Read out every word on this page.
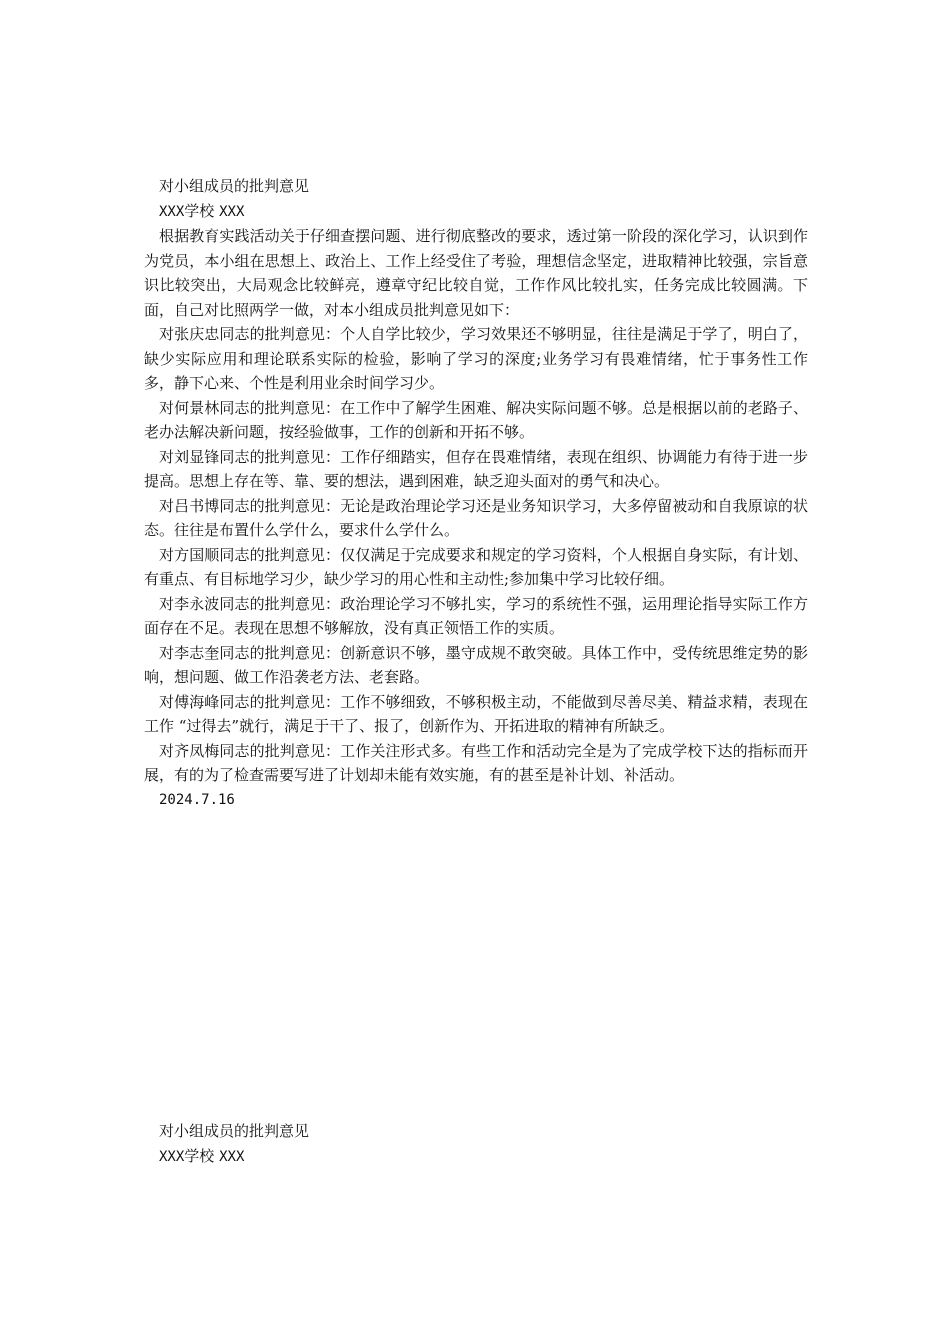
对小组成员的批判意见

XXX学校 XXX

根据教育实践活动关于仔细查摆问题、进行彻底整改的要求，透过第一阶段的深化学习，认识到作为党员，本小组在思想上、政治上、工作上经受住了考验，理想信念坚定，进取精神比较强，宗旨意识比较突出，大局观念比较鲜亮，遵章守纪比较自觉，工作作风比较扎实，任务完成比较圆满。下面，自己对比照两学一做，对本小组成员批判意见如下：

对张庆忠同志的批判意见：个人自学比较少，学习效果还不够明显，往往是满足于学了，明白了，缺少实际应用和理论联系实际的检验，影响了学习的深度;业务学习有畏难情绪，忙于事务性工作多，静下心来、个性是利用业余时间学习少。

对何景林同志的批判意见：在工作中了解学生困难、解决实际问题不够。总是根据以前的老路子、老办法解决新问题，按经验做事，工作的创新和开拓不够。

对刘显锋同志的批判意见：工作仔细踏实，但存在畏难情绪，表现在组织、协调能力有待于进一步提高。思想上存在等、靠、要的想法，遇到困难，缺乏迎头面对的勇气和决心。

对吕书博同志的批判意见：无论是政治理论学习还是业务知识学习，大多停留被动和自我原谅的状态。往往是布置什么学什么，要求什么学什么。

对方国顺同志的批判意见：仅仅满足于完成要求和规定的学习资料，个人根据自身实际，有计划、有重点、有目标地学习少，缺少学习的用心性和主动性;参加集中学习比较仔细。

对李永波同志的批判意见：政治理论学习不够扎实，学习的系统性不强，运用理论指导实际工作方面存在不足。表现在思想不够解放，没有真正领悟工作的实质。

对李志奎同志的批判意见：创新意识不够，墨守成规不敢突破。具体工作中，受传统思维定势的影响，想问题、做工作沿袭老方法、老套路。

对傅海峰同志的批判意见：工作不够细致，不够积极主动，不能做到尽善尽美、精益求精，表现在工作 “过得去”就行，满足于干了、报了，创新作为、开拓进取的精神有所缺乏。

对齐凤梅同志的批判意见：工作关注形式多。有些工作和活动完全是为了完成学校下达的指标而开展，有的为了检查需要写进了计划却未能有效实施，有的甚至是补计划、补活动。

2024.7.16

对小组成员的批判意见

XXX学校 XXX
